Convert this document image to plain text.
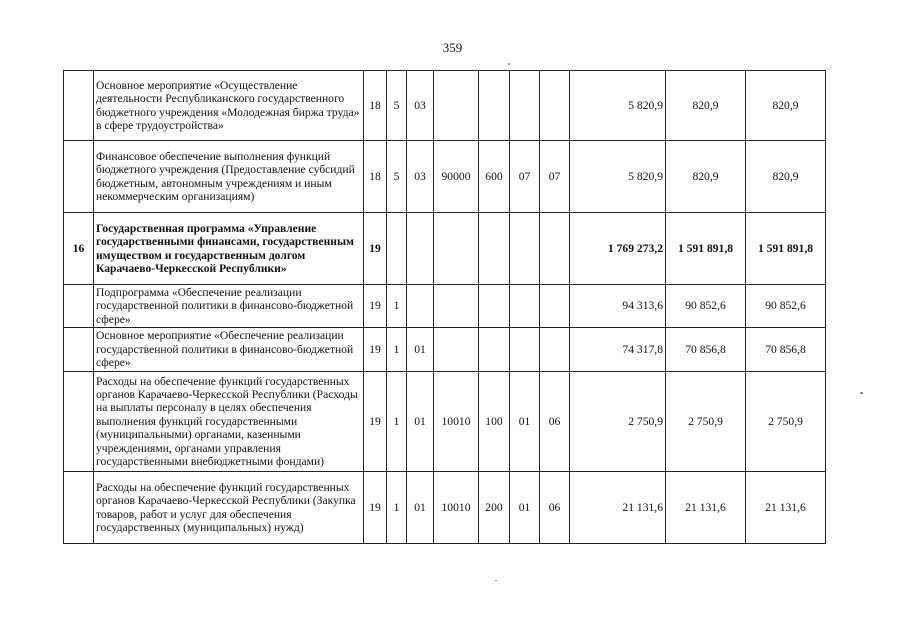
359
	Основное мероприятие «Осуществление деятельности Республиканского государственного бюджетного учреждения «Молодежная биржа труда» в сфере трудоустройства»	18	5	03					5 820,9	820,9	820,9
	Финансовое обеспечение выполнения функций бюджетного учреждения (Предоставление субсидий бюджетным, автономным учреждениям и иным некоммерческим организациям)	18	5	03	90000	600	07	07	5 820,9	820,9	820,9
16	Государственная программа «Управление государственными финансами, государственным имуществом и государственным долгом Карачаево-Черкесской Республики»	19							1 769 273,2	1 591 891,8	1 591 891,8
	Подпрограмма «Обеспечение реализации государственной политики в финансово-бюджетной сфере»	19	1						94 313,6	90 852,6	90 852,6
	Основное мероприятие «Обеспечение реализации государственной политики в финансово-бюджетной сфере»	19	1	01					74 317,8	70 856,8	70 856,8
	Расходы на обеспечение функций государственных органов Карачаево-Черкесской Республики (Расходы на выплаты персоналу в целях обеспечения выполнения функций государственными (муниципальными) органами, казенными учреждениями, органами управления государственными внебюджетными фондами)	19	1	01	10010	100	01	06	2 750,9	2 750,9	2 750,9
	Расходы на обеспечение функций государственных органов Карачаево-Черкесской Республики (Закупка товаров, работ и услуг для обеспечения государственных (муниципальных) нужд)	19	1	01	10010	200	01	06	21 131,6	21 131,6	21 131,6
